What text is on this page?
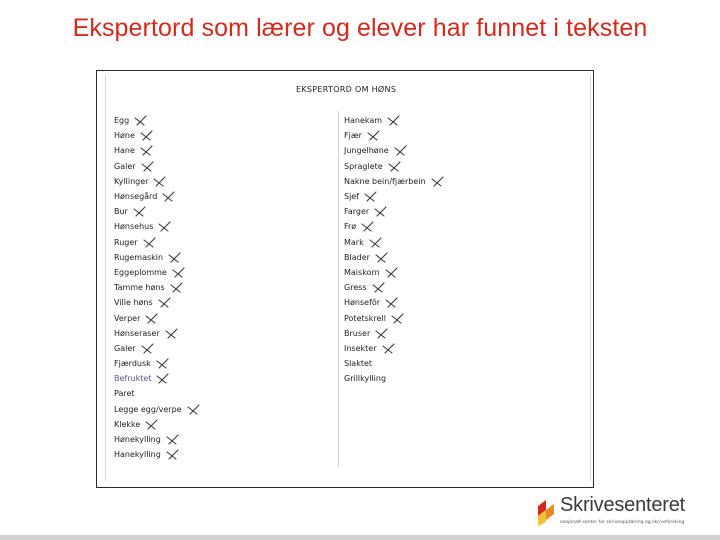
Ekspertord som lærer og elever har funnet i teksten
EKSPERTORD OM HØNS
Egg
Høne
Hane
Galer
Kyllinger
Hønsegård
Bur
Hønsehus
Ruger
Rugemaskin
Eggeplomme
Tamme høns
Ville høns
Verper
Hønseraser
Galer
Fjærdusk
Befruktet
Paret
Legge egg/verpe
Klekke
Hønekylling
Hanekylling
Hanekam
Fjær
Jungelhøne
Spraglete
Nakne bein/fjærbein
Sjef
Farger
Frø
Mark
Blader
Maiskorn
Gress
Hønsefôr
Potetskrell
Bruser
Insekter
Slaktet
Grillkylling
Skrivesenteret
nasjonalt senter for skriveopplæring og skriveforsking
